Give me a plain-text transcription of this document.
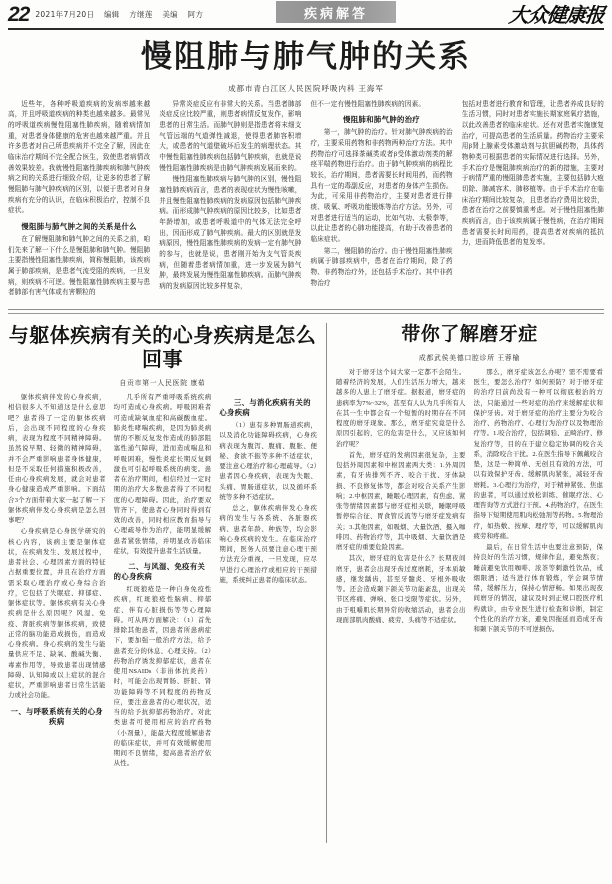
22 2021年7月20日 编辑 方继莲 美编 阿方	疾病解答	大众健康报
慢阻肺与肺气肿的关系
成都市青白江区人民医院呼吸内科 王海军

近些年，各种呼吸道疾病的发病率越来越高，并且呼吸道疾病的种类也越来越多。最常见的呼吸道疾病慢性阻塞性肺疾病，随着病情加重，对患者身体健康的危害也越来越严重。并且许多患者对自己所患疾病并不完全了解，因此在临床治疗期间不完全配合医生，致使患者病情改善效果较差。我就慢性阻塞性肺疾病和肺气肿疾病之间的关系进行细致介绍，让更多的患者了解慢阻肺与肺气肿疾病的区别，以便于患者对自身疾病有充分的认识，在临床积极治疗，控制不良症状。

慢阻肺与肺气肿之间的关系是什么

在了解慢阻肺和肺气肿之间的关系之前，咱们先来了解一下什么是慢阻肺和肺气肿。慢阻肺主要指慢性阻塞性肺疾病，简称慢阻肺，该疾病属于肺部疾病，是患者气流受阻的疾病，一旦发病，则疾病不可逆。慢性阻塞性肺疾病主要与患者肺部有害气体或有害颗粒的

异常炎症反应有非常大的关系。当患者肺部炎症反应比较严重，则患者病情反复发作，影响患者的日常生活。而肺气肿则是指患者将末细支气管远端的气道弹性减退，使得患者肺容积增大，或患者的气道壁破坏后发生的病理状态。其中慢性阻塞性肺疾病包括肺气肿疾病，也就是说慢性阻塞性肺疾病是由肺气肿疾病发展而来的。

慢性阻塞性肺疾病与肺气肿的区别，慢性阻塞性肺疾病而言，患者的表现症状为慢性咳嗽，并且慢性阻塞性肺疾病的发病原因包括肺气肿疾病。而形成肺气肿疾病的原因比较多，比如患者年龄增加，或患者呼吸道中的气体无法完全呼出，因而形成了肺气肿疾病。最大的区别就是发病原因，慢性阻塞性肺疾病的发病一定有肺气肿的参与，也就是说，患者刚开始为支气管炎疾病，但随着患者病情加重，进一步发展为肺气肿，最终发展为慢性阻塞性肺疾病。而肺气肿疾病的发病原因比较多样复杂，

但不一定有慢性阻塞性肺疾病的因素。

慢阻肺和肺气肿的治疗

第一，肺气肿的治疗。针对肺气肿疾病的治疗，主要采用药物和非药物两种治疗方法。其中药物治疗可选择茶碱类或者β受体激动剂类的解痉平喘药物进行治疗。由于肺气肿疾病的病程比较长，治疗期间，患者需要长时间用药，而药物具有一定的毒副反应，对患者的身体产生损伤。为此，可采用非药物治疗，主要对患者进行排痰、吸氧、呼吸功能锻炼等治疗方法。另外，可对患者进行适当的运动，比如气功、太极拳等，以此让患者的心肺功能提高，有助于改善患者的临床症状。

第二，慢阻肺的治疗。由于慢性阻塞性肺疾病属于肺部疾病中，患者在治疗期间，除了药物、非药物治疗外，还包括手术治疗。其中非药物治疗

包括对患者进行教育和管理，让患者养成良好的生活习惯，同时对患者实施长期家庭氧疗措施，以此改善患者的临床症状。还有对患者实施康复治疗，可提高患者的生活质量。药物治疗主要采用β肾上腺素受体激动剂与抗胆碱药物，具体药物种类可根据患者的实际情况进行选择。另外，手术治疗是慢阻肺疾病治疗的新的措施，主要对于病情严重的慢阻肺患者实施，主要包括肺大疱切除、肺减容术、肺移植等。由于手术治疗在临床治疗期间比较复杂，且患者治疗费用比较贵，患者在治疗之前要慎重考虑。对于慢性阻塞性肺疾病而言，由于该疾病属于慢性病，在治疗期间患者需要长时间用药，提高患者对疾病的抵抗力，进而降低患者的复发率。

与躯体疾病有关的心身疾病是怎么回事
自贡市第一人民医院 康茹

躯体疾病伴发的心身疾病，相信很多人不知道这是什么意思吧？患者得了一定的躯体疾病后，会出现不同程度的心身疾病，表现为程度不同精神障碍。虽然说早期、轻微的精神障碍，并不会严重影响患者身体健康，但是不采取任何措施积极改善，任由心身疾病发展，就会对患者身心健康造成严重影响。下面结合3个方面带着大家一起了解一下躯体疾病伴发心身疾病是怎么回事吧？

心身疾病是心身医学研究的核心内容，该病主要是躯体症状，在疾病发生、发展过程中，患者社会、心理因素方面的特征占据重要位置，并且在治疗方面需采取心理治疗或心身综合治疗，它包括了失眠症、抑郁症、躯体症状等。躯体疾病有关心身疾病是什么原因呢？风湿、免疫、肾脏疾病等躯体疾病，致使正常的脑功能造成损伤，而造成心身疾病。身心疾病的发生与能量供应不足、缺氧、酸碱失衡、毒素作用等，导致患者出现情感障碍、认知障或以上症状的混合症状，严重影响患者日常生活能力或社会功能。

一、与呼吸系统有关的心身疾病

几乎所有严重呼吸系统疾病均可造成心身疾病。呼吸困难者可造成缺氧血症和高碳酸血症。肺炎性哮喘疾病，是因为肺炎病情的不断反复发作造成的肺部阻塞性通气障碍，进而造成喘息和呼吸困难，慢性炎症长期反复刺激也可引起呼吸系统的病变。患者在治疗期间，相信经过一定时期的治疗大多数患者得了不同程度的心理障碍。因此，治疗要双管齐下，使患者心身同时得到有效的改善，同时相应教育指导与心理疏导作为治疗，能明显缓解患者紧张情绪，并明显改善临床症状，有效提升患者生活质量。

二、与风湿、免疫有关的心身疾病

红斑狼疮是一种自身免疫性疾病，红斑狼疮性脑病、抑郁症、伴有心脏损伤等等心理障碍。可从两方面解决：（1）首先排除其他患者，因患者所患病症下，要加强一般治疗方法，给予患者充分的休息、心理支持。（2）药物治疗诱发抑郁症状，患者在使用NSAIDs（非甾体抗炎药）时，可能会出现胃肠、肝脏、肾功能障碍等不同程度的药物反应，要注意患者的心理状况，适当的给予抗抑郁药物治疗。对此类患者可使用相应的治疗药物（小剂量），能最大程度缓解患者的临床症状，并可有效缓解使用期间不良情绪，提高患者治疗依从性。

三、与消化疾病有关的心身疾病

（1）患有多种胃肠道疾病，以及消化功能障碍疾病，心身疾病表现为腹泻、腹痛、腹胀、便秘、食欲不振等多种不适症状，要注意心理治疗和心理疏导。（2）患者因心身疾病，表现为失眠、头痛、胃肠道症状，以及循环系统等多种不适症状。

总之，躯体疾病伴发心身疾病的发生与各系统、各脏器疾病、患者年龄、种族等，均会影响心身疾病的发生。在临床治疗期间，医务人员要注意心理干预方法充分重视，一旦发现，应尽早进行心理治疗或相应的干预措施，系统纠正患者的临床状态。

带你了解磨牙症
成都武侯美德口腔诊所 王蓉榆

对于磨牙这个词大家一定都不会陌生。随着经济的发展，人们生活压力增大，越来越多的人患上了磨牙症。据报道，磨牙症的患病率为7%~32%，甚至有人认为几乎所有人在其一生中都会有一个短暂的时期存在不同程度的磨牙现象。那么，磨牙症究竟是什么原因引起的，它的危害是什么，又应该如何治疗呢？

首先，磨牙症的发病因素很复杂，主要包括外周因素和中枢因素两大类：1.外周因素，有牙齿排列不齐、咬合干扰、牙体缺损、不良修复体等，都会对咬合关系产生影响；2.中枢因素，睡眠心理因素，有焦虑、紧张等情绪因素都与磨牙症相关联，睡眠呼吸暂停综合征、胃食管反流等与磨牙症发病有关；3.其他因素，如吸烟、大量饮酒、摄入咖啡因、药物治疗等，其中吸烟、大量饮酒是磨牙症的重要危险因素。

其次，磨牙症的危害是什么？长期夜间磨牙，患者会出现牙齿过度磨耗，牙本质敏感，继发龋齿，甚至牙髓炎、牙根外吸收等。还会造成颞下颌关节功能紊乱，出现关节区疼痛、弹响、张口受限等症状。另外，由于咀嚼肌长期异常的收缩活动，患者会出现面部肌肉酸痛、疲劳、头痛等不适症状。

那么，磨牙症该怎么办呢？需不需要看医生，要怎么治疗？如何预防？对于磨牙症的治疗目前尚没有一种可以彻底根治的方法，只能通过一些对症的治疗来缓解症状和保护牙齿。对于磨牙症的治疗主要分为咬合治疗、药物治疗、心理行为治疗以及物理治疗等。1.咬合治疗，包括调𬌗、正畸治疗、修复治疗等，目的在于建立稳定协调的咬合关系，消除咬合干扰。2.在医生指导下佩戴咬合垫，这是一种简单、无创且有效的方法，可以有效保护牙齿、缓解肌肉紧张，减轻牙齿磨耗。3.心理行为治疗，对于精神紧张、焦虑的患者，可以通过放松训练、催眠疗法、心理咨询等方式进行干预。4.药物治疗，在医生指导下短期使用肌肉松弛剂等药物。5.物理治疗，如热敷、按摩、理疗等，可以缓解肌肉疲劳和疼痛。

最后，在日常生活中也要注意预防，保持良好的生活习惯，规律作息，避免熬夜；睡前避免饮用咖啡、浓茶等刺激性饮品，戒烟限酒；适当进行体育锻炼，学会调节情绪，缓解压力，保持心情舒畅。如果出现夜间磨牙的情况，建议及时到正规口腔医疗机构就诊，由专业医生进行检查和诊断，制定个性化的治疗方案，避免因拖延而造成牙齿和颞下颌关节的不可逆损伤。
